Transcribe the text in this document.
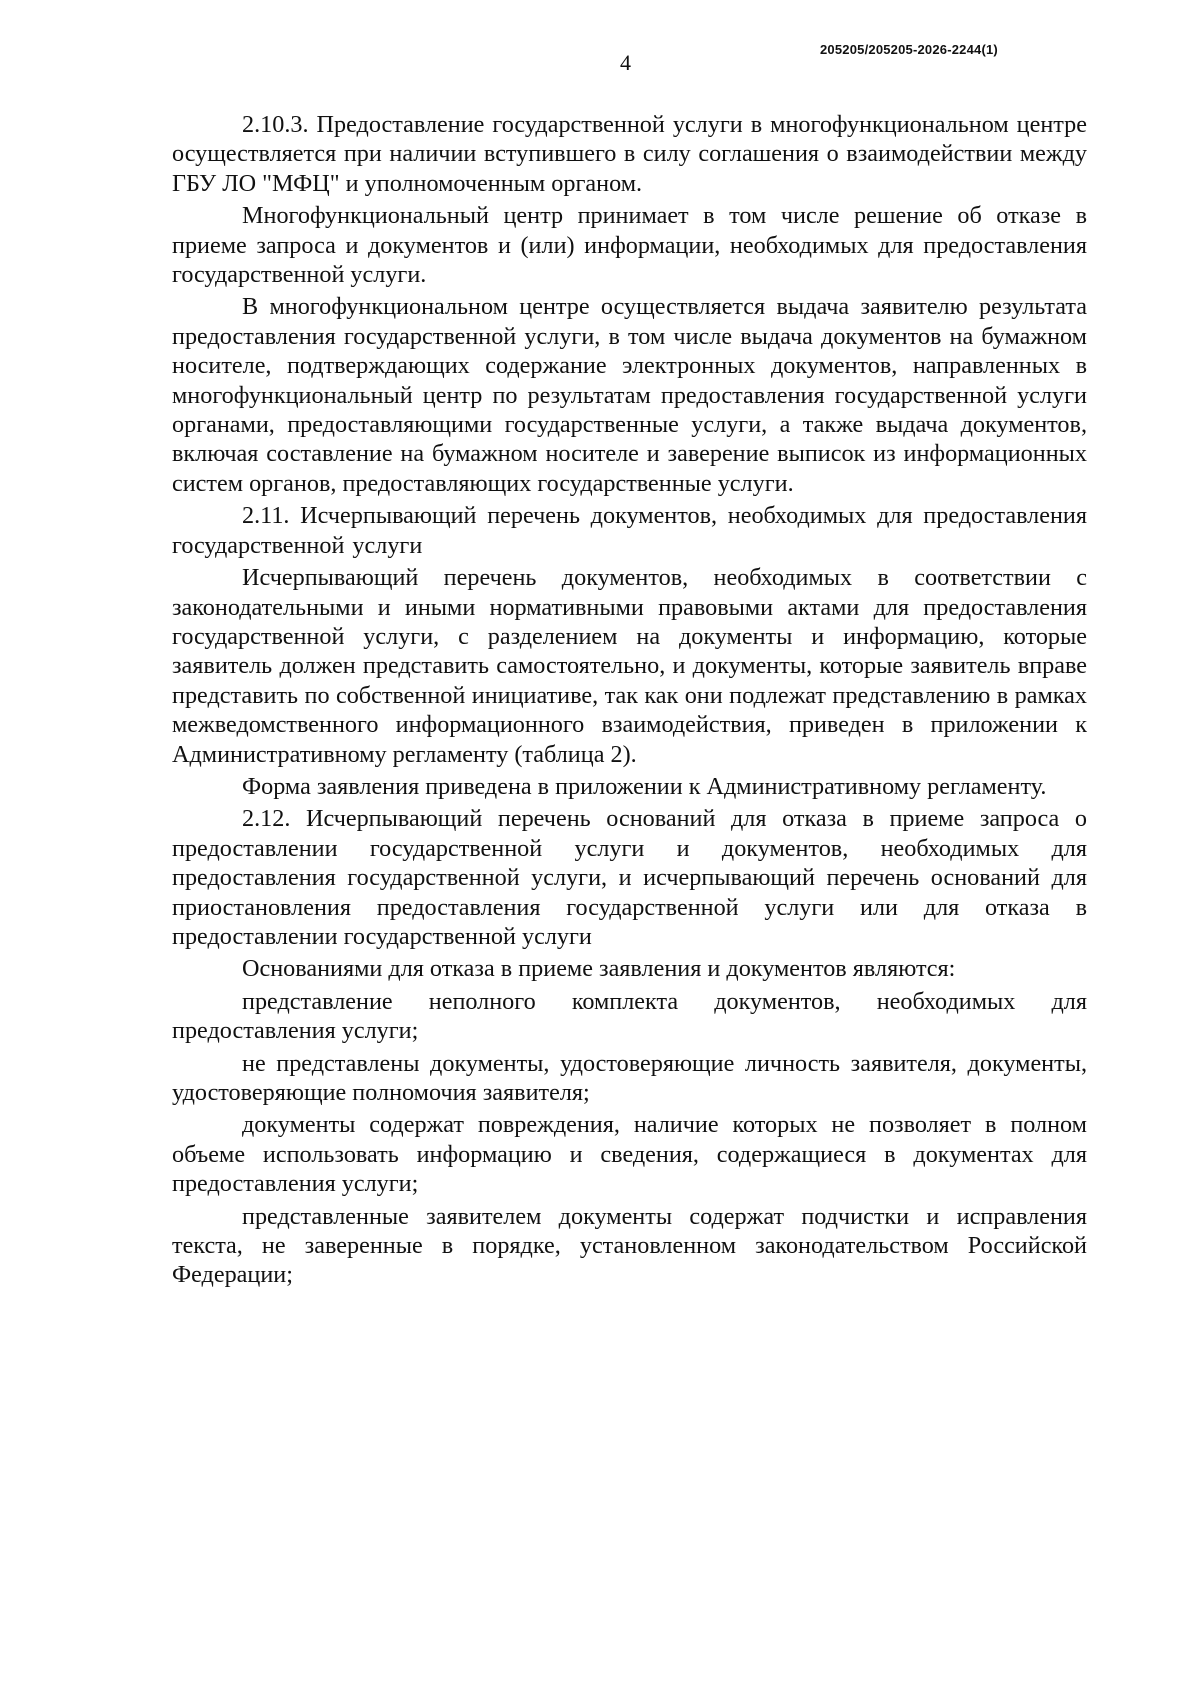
205205/205205-2026-2244(1)
4

2.10.3. Предоставление государственной услуги в многофункциональном центре осуществляется при наличии вступившего в силу соглашения о взаимодействии между ГБУ ЛО "МФЦ" и уполномоченным органом.

Многофункциональный центр принимает в том числе решение об отказе в приеме запроса и документов и (или) информации, необходимых для предоставления государственной услуги.

В многофункциональном центре осуществляется выдача заявителю результата предоставления государственной услуги, в том числе выдача документов на бумажном носителе, подтверждающих содержание электронных документов, направленных в многофункциональный центр по результатам предоставления государственной услуги органами, предоставляющими государственные услуги, а также выдача документов, включая составление на бумажном носителе и заверение выписок из информационных систем органов, предоставляющих государственные услуги.

2.11. Исчерпывающий перечень документов, необходимых для предоставления государственной услуги

Исчерпывающий перечень документов, необходимых в соответствии с законодательными и иными нормативными правовыми актами для предоставления государственной услуги, с разделением на документы и информацию, которые заявитель должен представить самостоятельно, и документы, которые заявитель вправе представить по собственной инициативе, так как они подлежат представлению в рамках межведомственного информационного взаимодействия, приведен в приложении к Административному регламенту (таблица 2).

Форма заявления приведена в приложении к Административному регламенту.

2.12. Исчерпывающий перечень оснований для отказа в приеме запроса о предоставлении государственной услуги и документов, необходимых для предоставления государственной услуги, и исчерпывающий перечень оснований для приостановления предоставления государственной услуги или для отказа в предоставлении государственной услуги

Основаниями для отказа в приеме заявления и документов являются:

представление неполного комплекта документов, необходимых для предоставления услуги;

не представлены документы, удостоверяющие личность заявителя, документы, удостоверяющие полномочия заявителя;

документы содержат повреждения, наличие которых не позволяет в полном объеме использовать информацию и сведения, содержащиеся в документах для предоставления услуги;

представленные заявителем документы содержат подчистки и исправления текста, не заверенные в порядке, установленном законодательством Российской Федерации;
